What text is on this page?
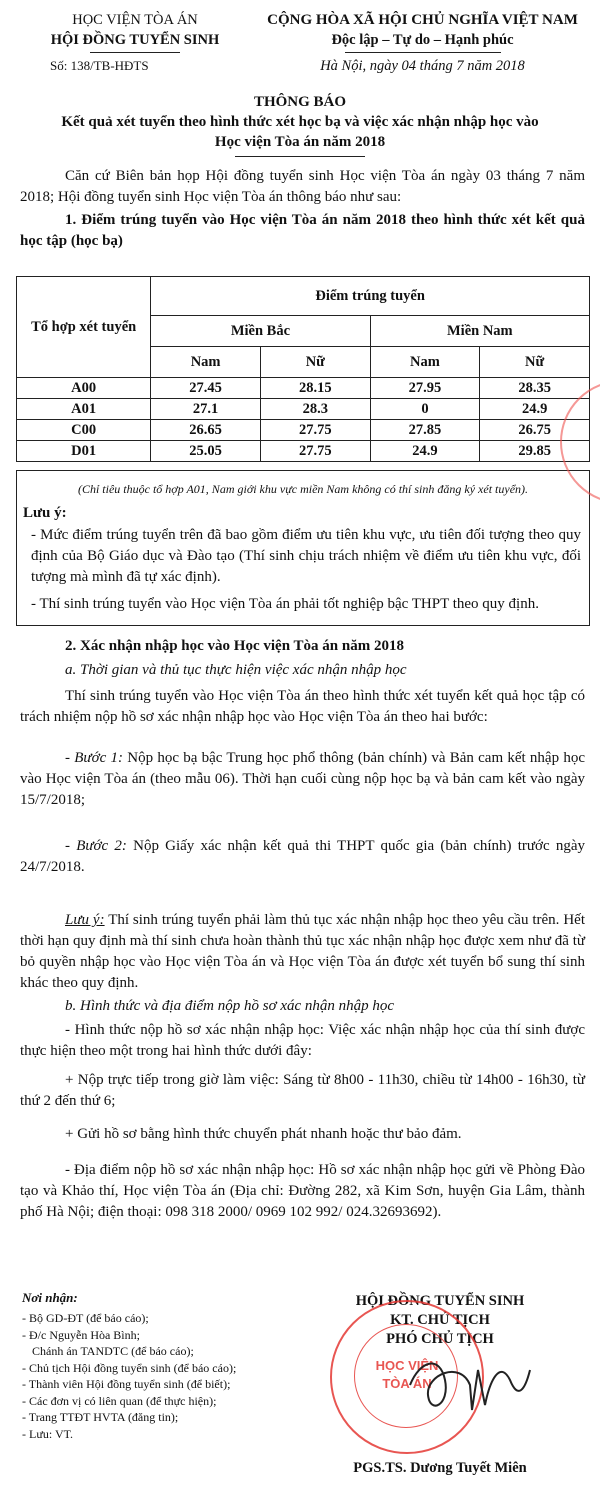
HỌC VIỆN TÒA ÁN
HỘI ĐỒNG TUYỂN SINH
Số: 138/TB-HĐTS
CỘNG HÒA XÃ HỘI CHỦ NGHĨA VIỆT NAM
Độc lập – Tự do – Hạnh phúc
Hà Nội, ngày 04 tháng 7 năm 2018
THÔNG BÁO
Kết quả xét tuyển theo hình thức xét học bạ và việc xác nhận nhập học vào
Học viện Tòa án năm 2018

Căn cứ Biên bản họp Hội đồng tuyển sinh Học viện Tòa án ngày 03 tháng 7 năm 2018; Hội đồng tuyển sinh Học viện Tòa án thông báo như sau:

1. Điểm trúng tuyển vào Học viện Tòa án năm 2018 theo hình thức xét kết quả học tập (học bạ)

Tổ hợp xét tuyển	Điểm trúng tuyển			
	Miền Bắc		Miền Nam	
	Nam	Nữ	Nam	Nữ
A00	27.45	28.15	27.95	28.35
A01	27.1	28.3	0	24.9
C00	26.65	27.75	27.85	26.75
D01	25.05	27.75	24.9	29.85
(Chỉ tiêu thuộc tổ hợp A01, Nam giới khu vực miền Nam không có thí sinh đăng ký xét tuyển).
Lưu ý:

- Mức điểm trúng tuyển trên đã bao gồm điểm ưu tiên khu vực, ưu tiên đối tượng theo quy định của Bộ Giáo dục và Đào tạo (Thí sinh chịu trách nhiệm về điểm ưu tiên khu vực, đối tượng mà mình đã tự xác định).

- Thí sinh trúng tuyển vào Học viện Tòa án phải tốt nghiệp bậc THPT theo quy định.

2. Xác nhận nhập học vào Học viện Tòa án năm 2018
a. Thời gian và thủ tục thực hiện việc xác nhận nhập học

Thí sinh trúng tuyển vào Học viện Tòa án theo hình thức xét tuyển kết quả học tập có trách nhiệm nộp hồ sơ xác nhận nhập học vào Học viện Tòa án theo hai bước:

- Bước 1: Nộp học bạ bậc Trung học phổ thông (bản chính) và Bản cam kết nhập học vào Học viện Tòa án (theo mẫu 06). Thời hạn cuối cùng nộp học bạ và bản cam kết vào ngày 15/7/2018;

- Bước 2: Nộp Giấy xác nhận kết quả thi THPT quốc gia (bản chính) trước ngày 24/7/2018.

Lưu ý: Thí sinh trúng tuyển phải làm thủ tục xác nhận nhập học theo yêu cầu trên. Hết thời hạn quy định mà thí sinh chưa hoàn thành thủ tục xác nhận nhập học được xem như đã từ bỏ quyền nhập học vào Học viện Tòa án và Học viện Tòa án được xét tuyển bổ sung thí sinh khác theo quy định.

b. Hình thức và địa điểm nộp hồ sơ xác nhận nhập học

- Hình thức nộp hồ sơ xác nhận nhập học: Việc xác nhận nhập học của thí sinh được thực hiện theo một trong hai hình thức dưới đây:

+ Nộp trực tiếp trong giờ làm việc: Sáng từ 8h00 - 11h30, chiều từ 14h00 - 16h30, từ thứ 2 đến thứ 6;

+ Gửi hồ sơ bằng hình thức chuyển phát nhanh hoặc thư bảo đảm.

- Địa điểm nộp hồ sơ xác nhận nhập học: Hồ sơ xác nhận nhập học gửi về Phòng Đào tạo và Khảo thí, Học viện Tòa án (Địa chỉ: Đường 282, xã Kim Sơn, huyện Gia Lâm, thành phố Hà Nội; điện thoại: 098 318 2000/ 0969 102 992/ 024.32693692).

Nơi nhận:
- Bộ GD-ĐT (để báo cáo);
- Đ/c Nguyễn Hòa Bình;
Chánh án TANDTC (để báo cáo);
- Chủ tịch Hội đồng tuyển sinh (để báo cáo);
- Thành viên Hội đồng tuyển sinh (để biết);
- Các đơn vị có liên quan (để thực hiện);
- Trang TTĐT HVTA (đăng tin);
- Lưu: VT.
HỘI ĐỒNG TUYỂN SINH
KT. CHỦ TỊCH
PHÓ CHỦ TỊCH
HỌC VIỆN
TÒA ÁN
PGS.TS. Dương Tuyết Miên
